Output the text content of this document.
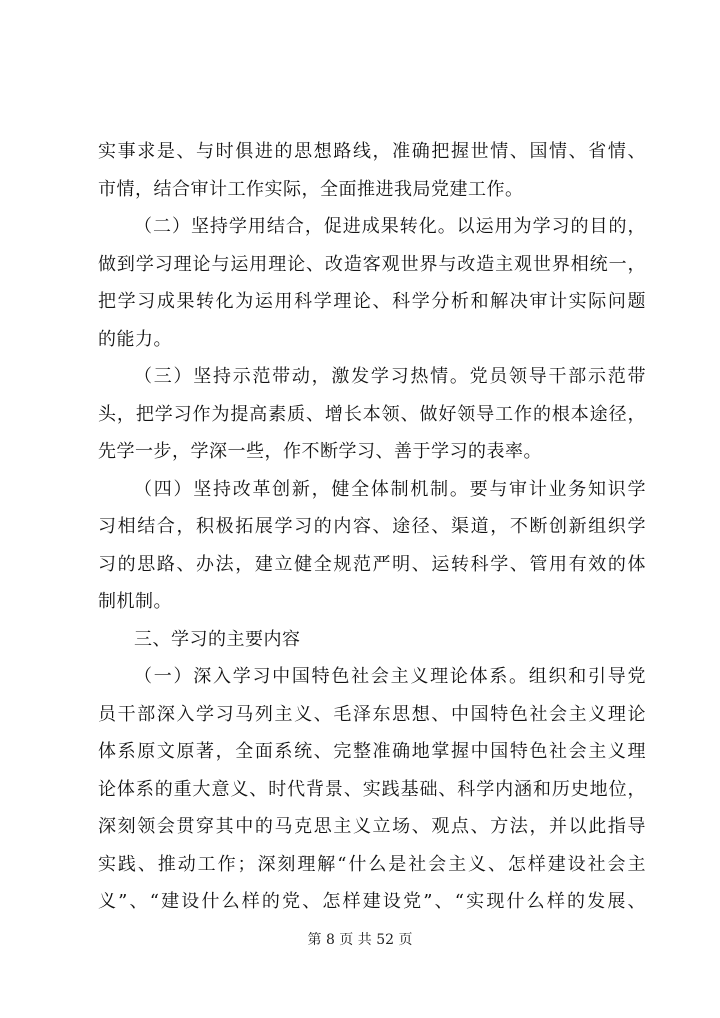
实事求是、与时俱进的思想路线，准确把握世情、国情、省情、
市情，结合审计工作实际，全面推进我局党建工作。
（二）坚持学用结合，促进成果转化。以运用为学习的目的，
做到学习理论与运用理论、改造客观世界与改造主观世界相统一，
把学习成果转化为运用科学理论、科学分析和解决审计实际问题
的能力。
（三）坚持示范带动，激发学习热情。党员领导干部示范带
头，把学习作为提高素质、增长本领、做好领导工作的根本途径，
先学一步，学深一些，作不断学习、善于学习的表率。
（四）坚持改革创新，健全体制机制。要与审计业务知识学
习相结合，积极拓展学习的内容、途径、渠道，不断创新组织学
习的思路、办法，建立健全规范严明、运转科学、管用有效的体
制机制。
三、学习的主要内容
（一）深入学习中国特色社会主义理论体系。组织和引导党
员干部深入学习马列主义、毛泽东思想、中国特色社会主义理论
体系原文原著，全面系统、完整准确地掌握中国特色社会主义理
论体系的重大意义、时代背景、实践基础、科学内涵和历史地位，
深刻领会贯穿其中的马克思主义立场、观点、方法，并以此指导
实践、推动工作；深刻理解“什么是社会主义、怎样建设社会主
义”、“建设什么样的党、怎样建设党”、“实现什么样的发展、
第 8 页 共 52 页
